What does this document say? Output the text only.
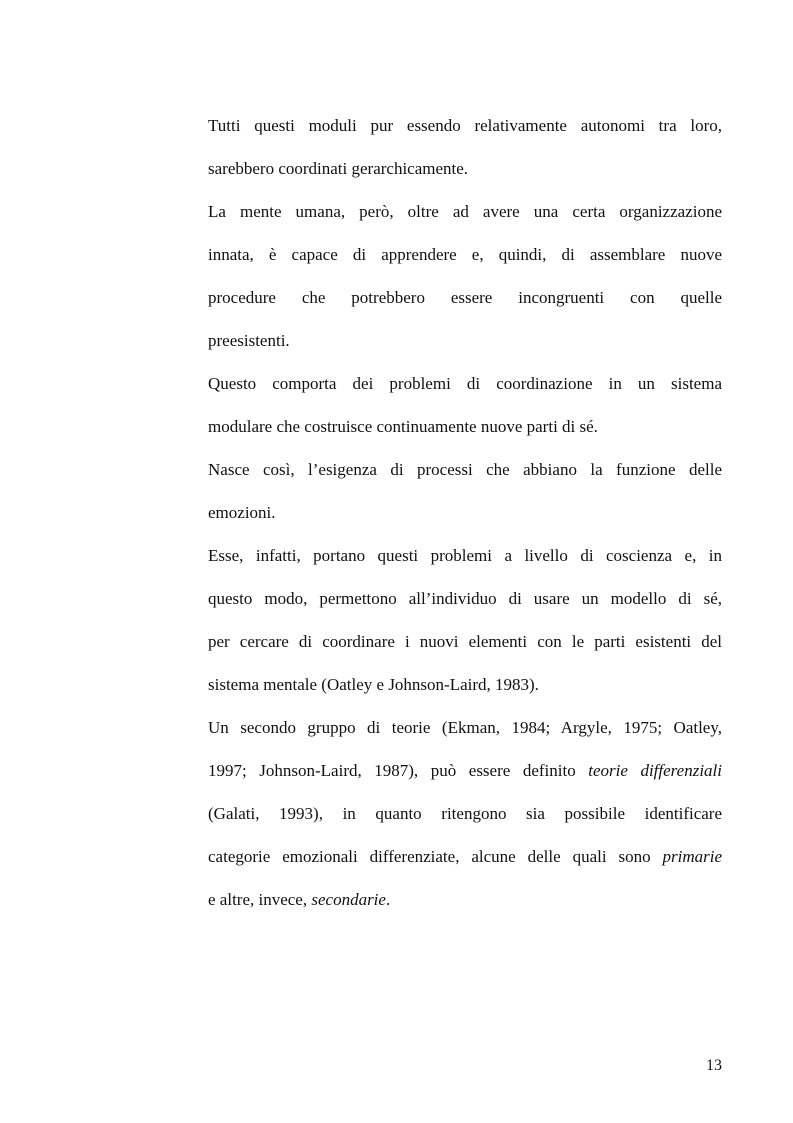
Tutti questi moduli pur essendo relativamente autonomi tra loro,
sarebbero coordinati gerarchicamente.
La mente umana, però, oltre ad avere una certa organizzazione
innata, è capace di apprendere e, quindi, di assemblare nuove
procedure che potrebbero essere incongruenti con quelle
preesistenti.
Questo comporta dei problemi di coordinazione in un sistema
modulare che costruisce continuamente nuove parti di sé.
Nasce così, l’esigenza di processi che abbiano la funzione delle
emozioni.
Esse, infatti, portano questi problemi a livello di coscienza e, in
questo modo, permettono all’individuo di usare un modello di sé,
per cercare di coordinare i nuovi elementi con le parti esistenti del
sistema mentale (Oatley e Johnson-Laird, 1983).
Un secondo gruppo di teorie (Ekman, 1984; Argyle, 1975; Oatley,
1997; Johnson-Laird, 1987), può essere definito teorie differenziali
(Galati, 1993), in quanto ritengono sia possibile identificare
categorie emozionali differenziate, alcune delle quali sono primarie
e altre, invece, secondarie.
13
